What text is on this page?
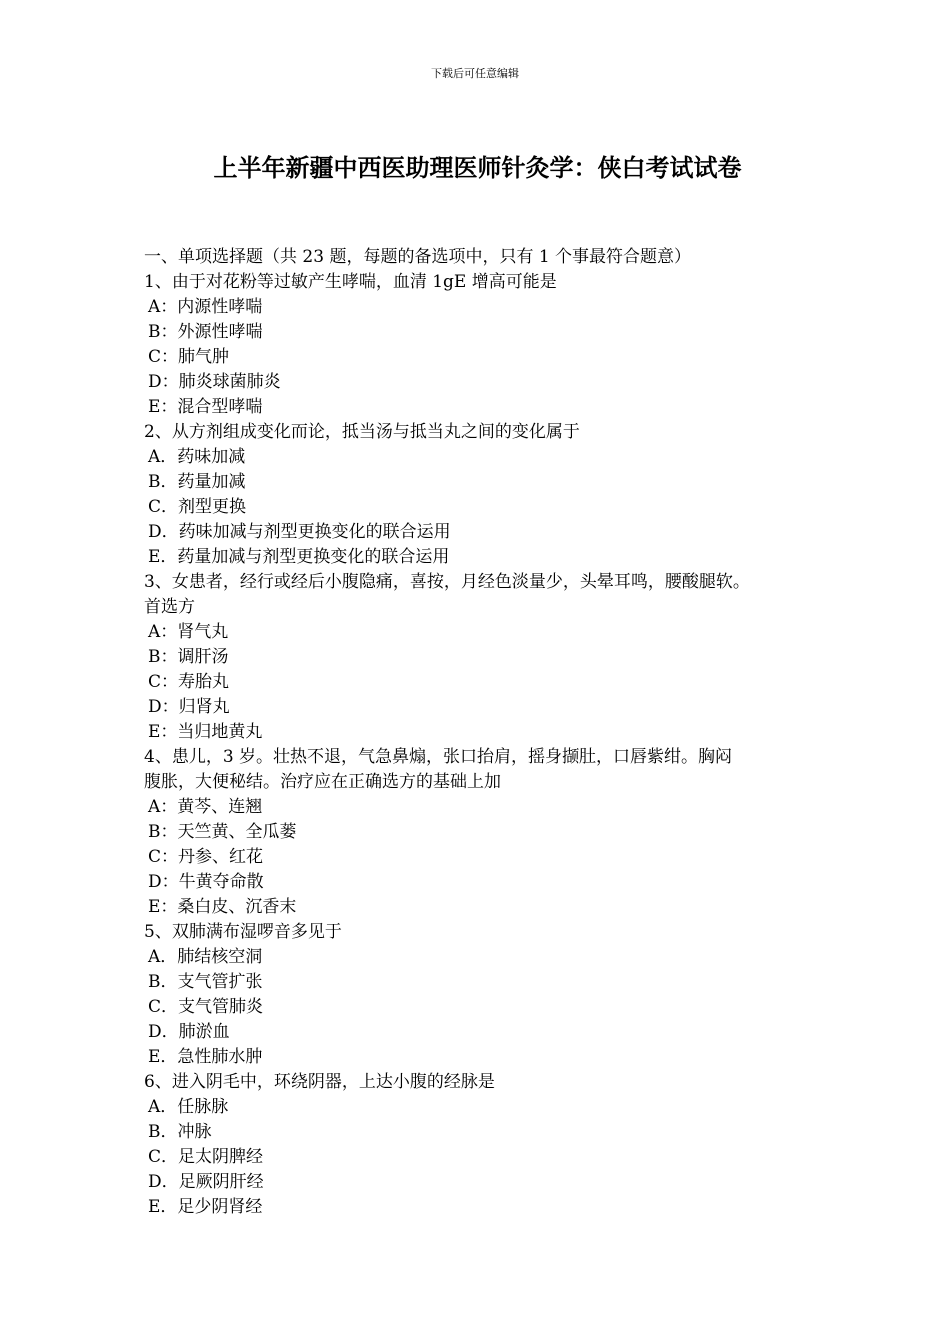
下载后可任意编辑
上半年新疆中西医助理医师针灸学：侠白考试试卷
一、单项选择题（共 23 题，每题的备选项中，只有 1 个事最符合题意）
1、由于对花粉等过敏产生哮喘，血清 1gE 增高可能是
A：内源性哮喘
B：外源性哮喘
C：肺气肿
D：肺炎球菌肺炎
E：混合型哮喘
2、从方剂组成变化而论，抵当汤与抵当丸之间的变化属于
A．药味加减
B．药量加减
C．剂型更换
D．药味加减与剂型更换变化的联合运用
E．药量加减与剂型更换变化的联合运用
3、女患者，经行或经后小腹隐痛，喜按，月经色淡量少，头晕耳鸣，腰酸腿软。
首选方
A：肾气丸
B：调肝汤
C：寿胎丸
D：归肾丸
E：当归地黄丸
4、患儿，3 岁。壮热不退，气急鼻煽，张口抬肩，摇身撷肚，口唇紫绀。胸闷
腹胀，大便秘结。治疗应在正确选方的基础上加
A：黄芩、连翘
B：天竺黄、全瓜蒌
C：丹参、红花
D：牛黄夺命散
E：桑白皮、沉香末
5、双肺满布湿啰音多见于
A．肺结核空洞
B．支气管扩张
C．支气管肺炎
D．肺淤血
E．急性肺水肿
6、进入阴毛中，环绕阴器，上达小腹的经脉是
A．任脉脉
B．冲脉
C．足太阴脾经
D．足厥阴肝经
E．足少阴肾经
